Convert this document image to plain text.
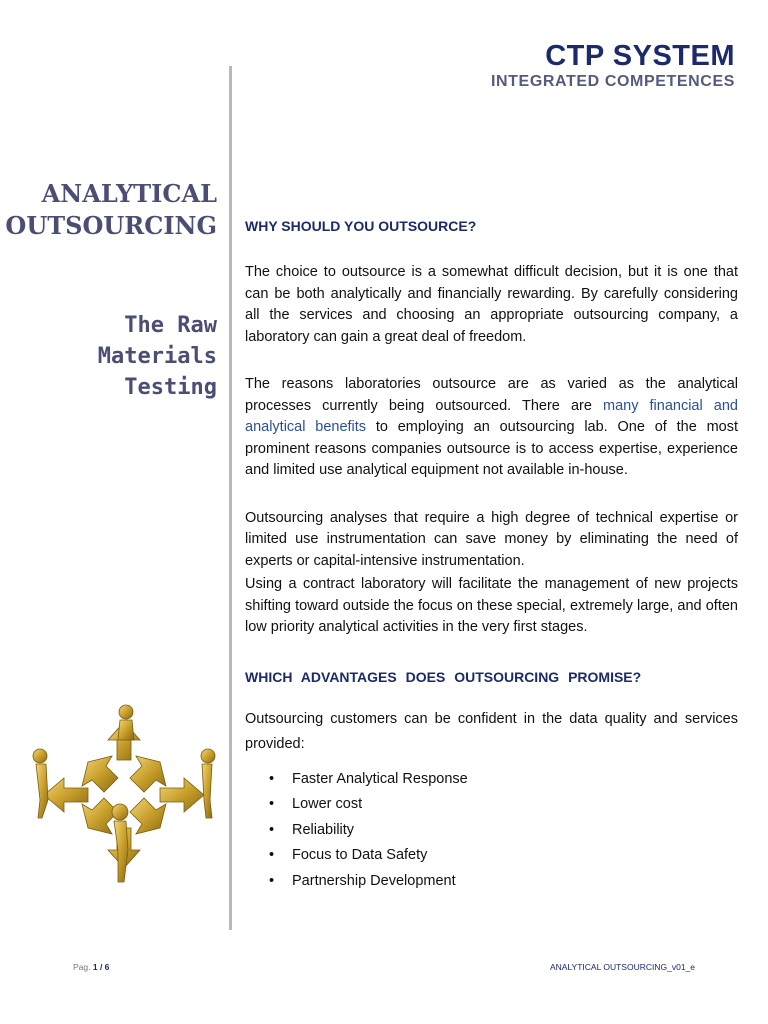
CTP SYSTEM
INTEGRATED COMPETENCES
ANALYTICAL
OUTSOURCING
The Raw
Materials
Testing
WHY SHOULD YOU OUTSOURCE?

The choice to outsource is a somewhat difficult decision, but it is one that can be both analytically and financially rewarding. By carefully considering all the services and choosing an appropriate outsourcing company, a laboratory can gain a great deal of freedom.

The reasons laboratories outsource are as varied as the analytical processes currently being outsourced. There are many financial and analytical benefits to employing an outsourcing lab. One of the most prominent reasons companies outsource is to access expertise, experience and limited use analytical equipment not available in-house.

Outsourcing analyses that require a high degree of technical expertise or limited use instrumentation can save money by eliminating the need of experts or capital-intensive instrumentation.

Using a contract laboratory will facilitate the management of new projects shifting toward outside the focus on these special, extremely large, and often low priority analytical activities in the very first stages.

WHICH ADVANTAGES DOES OUTSOURCING PROMISE?

Outsourcing customers can be confident in the data quality and services provided:

• Faster Analytical Response
• Lower cost
• Reliability
• Focus to Data Safety
• Partnership Development
Pag. 1 / 6	ANALYTICAL OUTSOURCING_v01_e
